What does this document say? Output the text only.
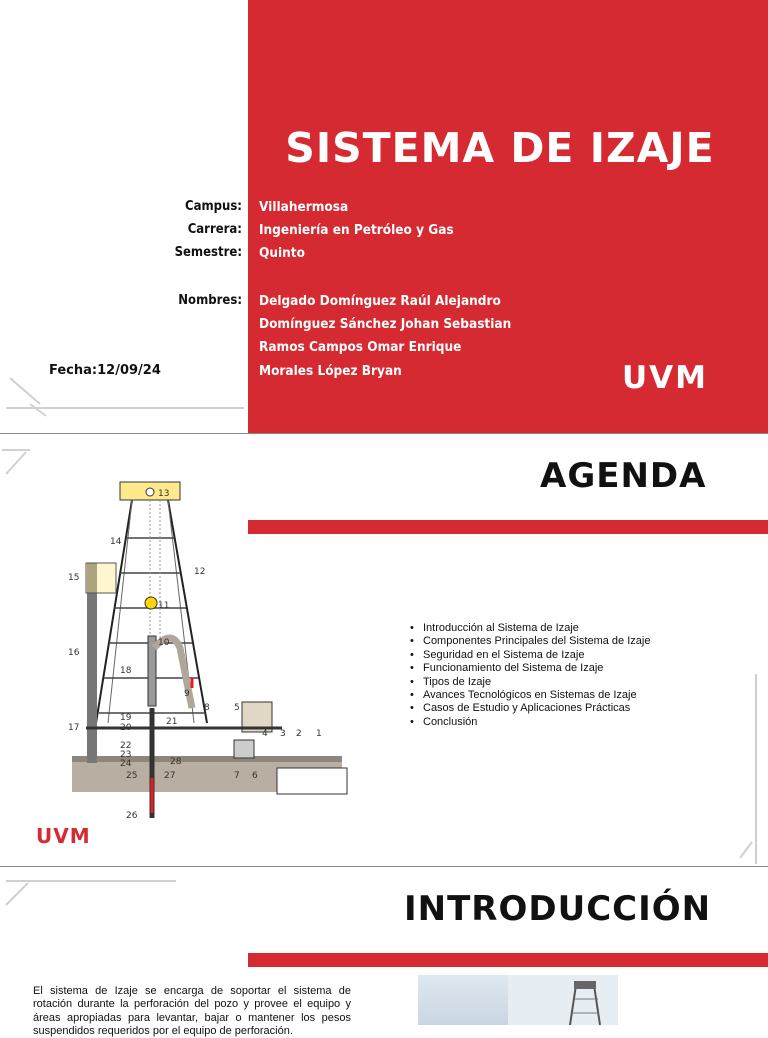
SISTEMA DE IZAJE
Campus: Villahermosa
Carrera: Ingeniería en Petróleo y Gas
Semestre: Quinto
Nombres: Delgado Domínguez Raúl Alejandro
Domínguez Sánchez Johan Sebastian
Ramos Campos Omar Enrique
Morales López Bryan
Fecha:12/09/24	UVM
AGENDA
• Introducción al Sistema de Izaje
• Componentes Principales del Sistema de Izaje
• Seguridad en el Sistema de Izaje
• Funcionamiento del Sistema de Izaje
• Tipos de Izaje
• Avances Tecnológicos en Sistemas de Izaje
• Casos de Estudio y Aplicaciones Prácticas
• Conclusión
14
13
15
12
11
16
10
18
9
8	5
17
19
20
21
22
23
24	28
4 3 2 1
25	27	7 6
26
UVM
INTRODUCCIÓN

El sistema de Izaje se encarga de soportar el sistema de rotación durante la perforación del pozo y provee el equipo y áreas apropiadas para levantar, bajar o mantener los pesos suspendidos requeridos por el equipo de perforación.
